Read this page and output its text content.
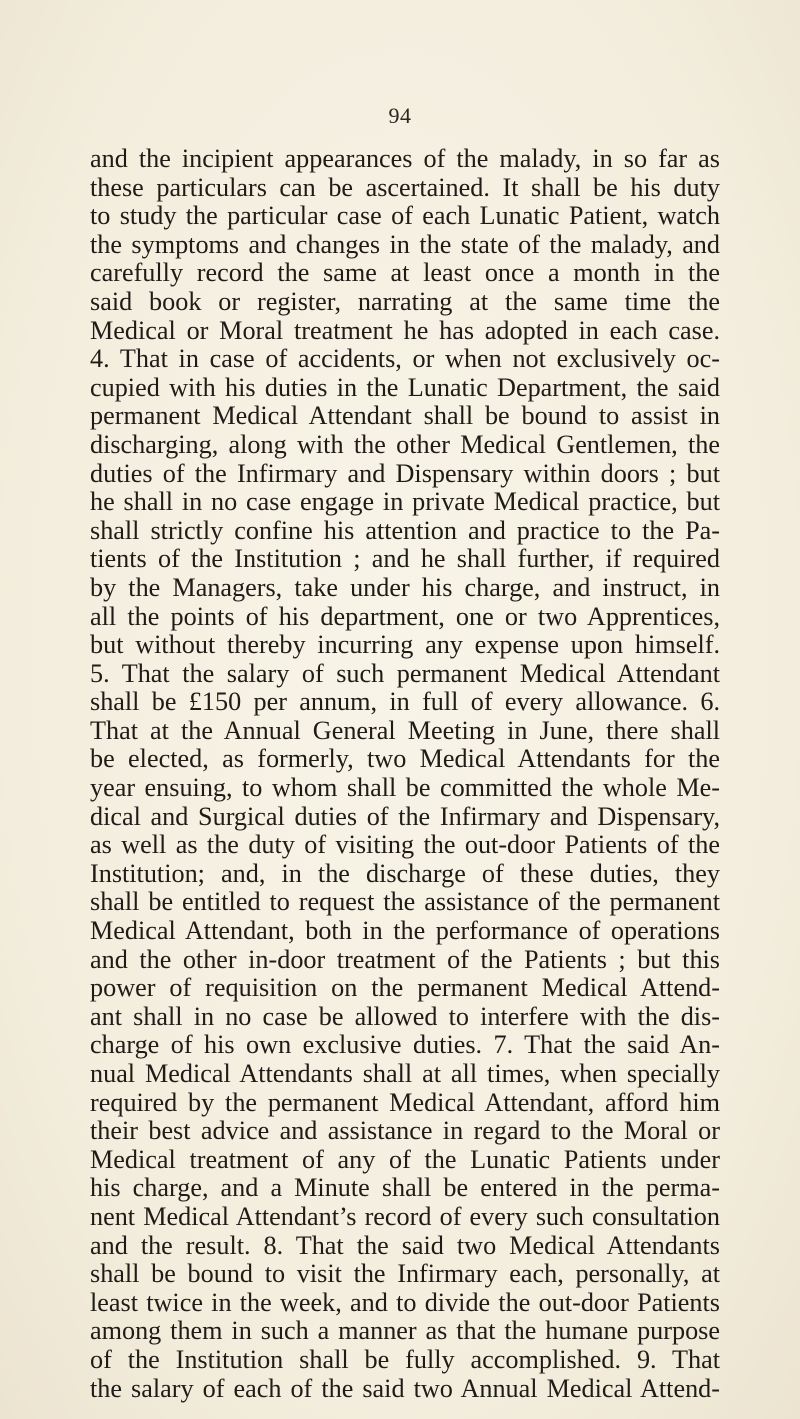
94
and the incipient appearances of the malady, in so far as
these particulars can be ascertained. It shall be his duty
to study the particular case of each Lunatic Patient, watch
the symptoms and changes in the state of the malady, and
carefully record the same at least once a month in the
said book or register, narrating at the same time the
Medical or Moral treatment he has adopted in each case.
4. That in case of accidents, or when not exclusively oc-
cupied with his duties in the Lunatic Department, the said
permanent Medical Attendant shall be bound to assist in
discharging, along with the other Medical Gentlemen, the
duties of the Infirmary and Dispensary within doors ; but
he shall in no case engage in private Medical practice, but
shall strictly confine his attention and practice to the Pa-
tients of the Institution ; and he shall further, if required
by the Managers, take under his charge, and instruct, in
all the points of his department, one or two Apprentices,
but without thereby incurring any expense upon himself.
5. That the salary of such permanent Medical Attendant
shall be £150 per annum, in full of every allowance. 6.
That at the Annual General Meeting in June, there shall
be elected, as formerly, two Medical Attendants for the
year ensuing, to whom shall be committed the whole Me-
dical and Surgical duties of the Infirmary and Dispensary,
as well as the duty of visiting the out-door Patients of the
Institution; and, in the discharge of these duties, they
shall be entitled to request the assistance of the permanent
Medical Attendant, both in the performance of operations
and the other in-door treatment of the Patients ; but this
power of requisition on the permanent Medical Attend-
ant shall in no case be allowed to interfere with the dis-
charge of his own exclusive duties. 7. That the said An-
nual Medical Attendants shall at all times, when specially
required by the permanent Medical Attendant, afford him
their best advice and assistance in regard to the Moral or
Medical treatment of any of the Lunatic Patients under
his charge, and a Minute shall be entered in the perma-
nent Medical Attendant’s record of every such consultation
and the result. 8. That the said two Medical Attendants
shall be bound to visit the Infirmary each, personally, at
least twice in the week, and to divide the out-door Patients
among them in such a manner as that the humane purpose
of the Institution shall be fully accomplished. 9. That
the salary of each of the said two Annual Medical Attend-
